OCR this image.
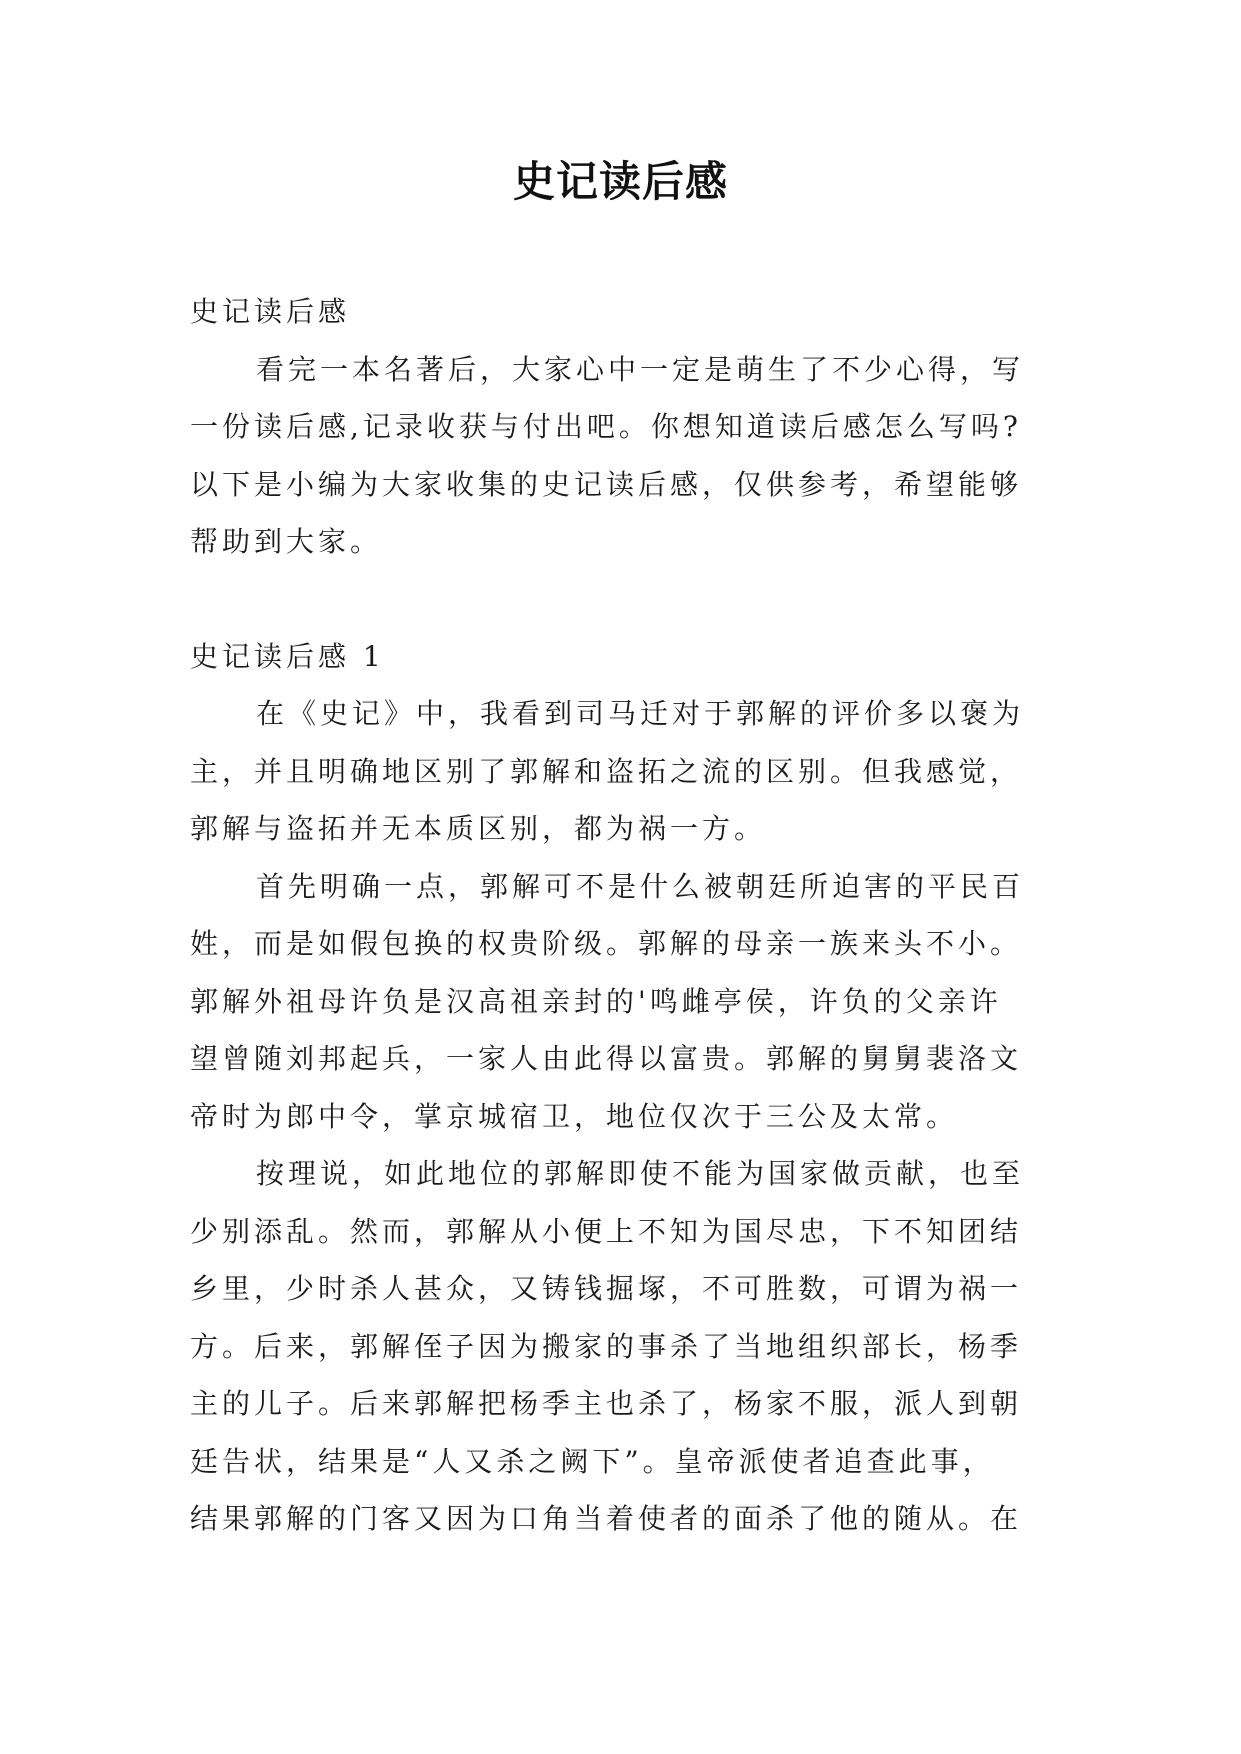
史记读后感
史记读后感
看完一本名著后，大家心中一定是萌生了不少心得，写
一份读后感,记录收获与付出吧。你想知道读后感怎么写吗?
以下是小编为大家收集的史记读后感，仅供参考，希望能够
帮助到大家。
史记读后感 1
在《史记》中，我看到司马迁对于郭解的评价多以褒为
主，并且明确地区别了郭解和盗拓之流的区别。但我感觉，
郭解与盗拓并无本质区别，都为祸一方。
首先明确一点，郭解可不是什么被朝廷所迫害的平民百
姓，而是如假包换的权贵阶级。郭解的母亲一族来头不小。
郭解外祖母许负是汉高祖亲封的'鸣雌亭侯，许负的父亲许
望曾随刘邦起兵，一家人由此得以富贵。郭解的舅舅裴洛文
帝时为郎中令，掌京城宿卫，地位仅次于三公及太常。
按理说，如此地位的郭解即使不能为国家做贡献，也至
少别添乱。然而，郭解从小便上不知为国尽忠，下不知团结
乡里，少时杀人甚众，又铸钱掘塚，不可胜数，可谓为祸一
方。后来，郭解侄子因为搬家的事杀了当地组织部长，杨季
主的儿子。后来郭解把杨季主也杀了，杨家不服，派人到朝
廷告状，结果是“人又杀之阙下”。皇帝派使者追查此事，
结果郭解的门客又因为口角当着使者的面杀了他的随从。在
